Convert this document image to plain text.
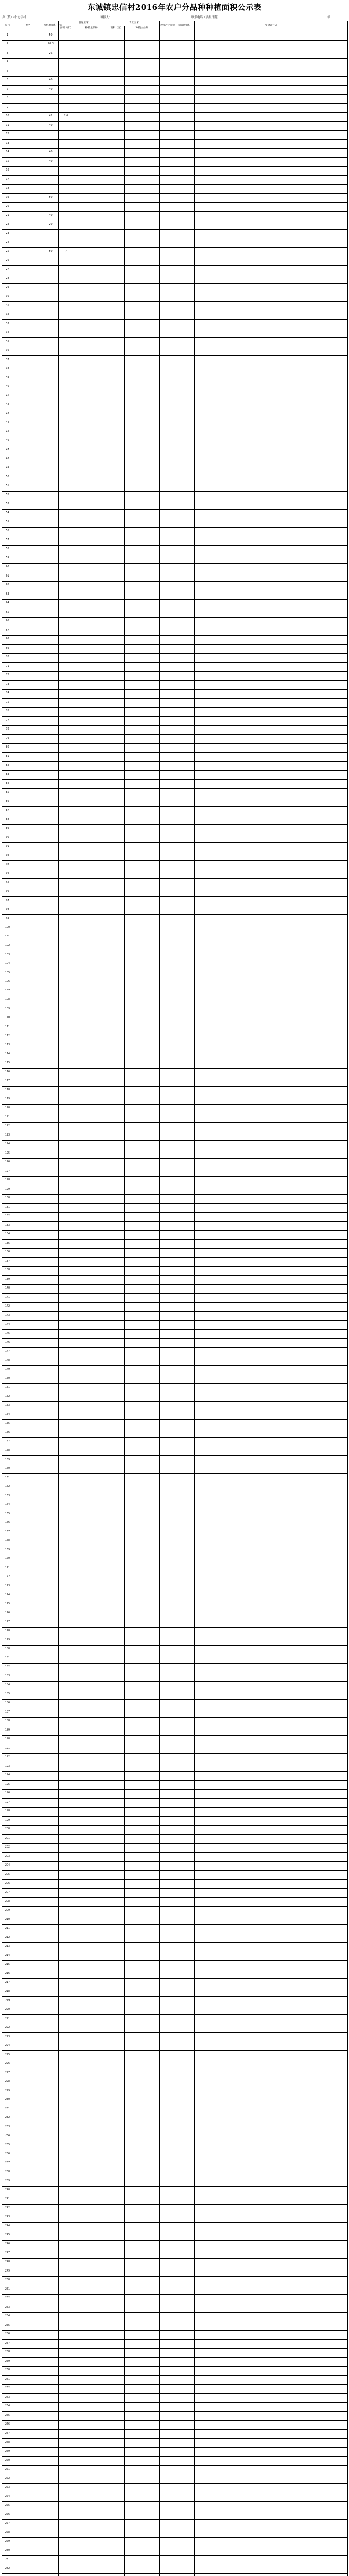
东诚镇忠信村2016年农户分品种种植面积公示表
乡（镇）村：
忠信村	填报人：	联系电话（填报日期）：	年
序号	姓名	承包地面积（亩）	普通玉米		青贮玉米		种植合计面积（亩）	播种面积	身份证号码
			面积（亩）	种植主品种	面积（亩）	种植主品种			
1		50							
2		20.3							
3		26							
4									
5									
6		40							
7		40							
8									
9									
10		42	2.6						
11		40							
12									
13									
14		40							
15		40							
16									
17									
18									
19		50							
20									
21		40							
22		20							
23									
24									
25		50	7						
26									
27									
28									
29									
30									
31									
32									
33									
34									
35									
36									
37									
38									
39									
40									
41									
42									
43									
44									
45									
46									
47									
48									
49									
50									
51									
52									
53									
54									
55									
56									
57									
58									
59									
60									
61									
62									
63									
64									
65									
66									
67									
68									
69									
70									
71									
72									
73									
74									
75									
76									
77									
78									
79									
80									
81									
82									
83									
84									
85									
86									
87									
88									
89									
90									
91									
92									
93									
94									
95									
96									
97									
98									
99									
100									
101									
102									
103									
104									
105									
106									
107									
108									
109									
110									
111									
112									
113									
114									
115									
116									
117									
118									
119									
120									
121									
122									
123									
124									
125									
126									
127									
128									
129									
130									
131									
132									
133									
134									
135									
136									
137									
138									
139									
140									
141									
142									
143									
144									
145									
146									
147									
148									
149									
150									
151									
152									
153									
154									
155									
156									
157									
158									
159									
160									
161									
162									
163									
164									
165									
166									
167									
168									
169									
170									
171									
172									
173									
174									
175									
176									
177									
178									
179									
180									
181									
182									
183									
184									
185									
186									
187									
188									
189									
190									
191									
192									
193									
194									
195									
196									
197									
198									
199									
200									
201									
202									
203									
204									
205									
206									
207									
208									
209									
210									
211									
212									
213									
214									
215									
216									
217									
218									
219									
220									
221									
222									
223									
224									
225									
226									
227									
228									
229									
230									
231									
232									
233									
234									
235									
236									
237									
238									
239									
240									
241									
242									
243									
244									
245									
246									
247									
248									
249									
250									
251									
252									
253									
254									
255									
256									
257									
258									
259									
260									
261									
262									
263									
264									
265									
266									
267									
268									
269									
270									
271									
272									
273									
274									
275									
276									
277									
278									
279									
280									
281									
282									
